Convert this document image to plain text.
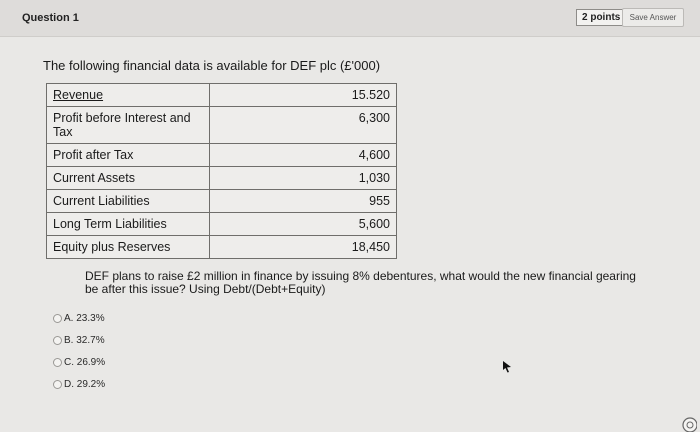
Question 1	2 points	Save Answer
The following financial data is available for DEF plc (£'000)
Revenue	15.520
Profit before Interest and Tax	6,300
Profit after Tax	4,600
Current Assets	1,030
Current Liabilities	955
Long Term Liabilities	5,600
Equity plus Reserves	18,450
DEF plans to raise £2 million in finance by issuing 8% debentures, what would the new financial gearing be after this issue? Using Debt/(Debt+Equity)
A. 23.3%
B. 32.7%
C. 26.9%
D. 29.2%
